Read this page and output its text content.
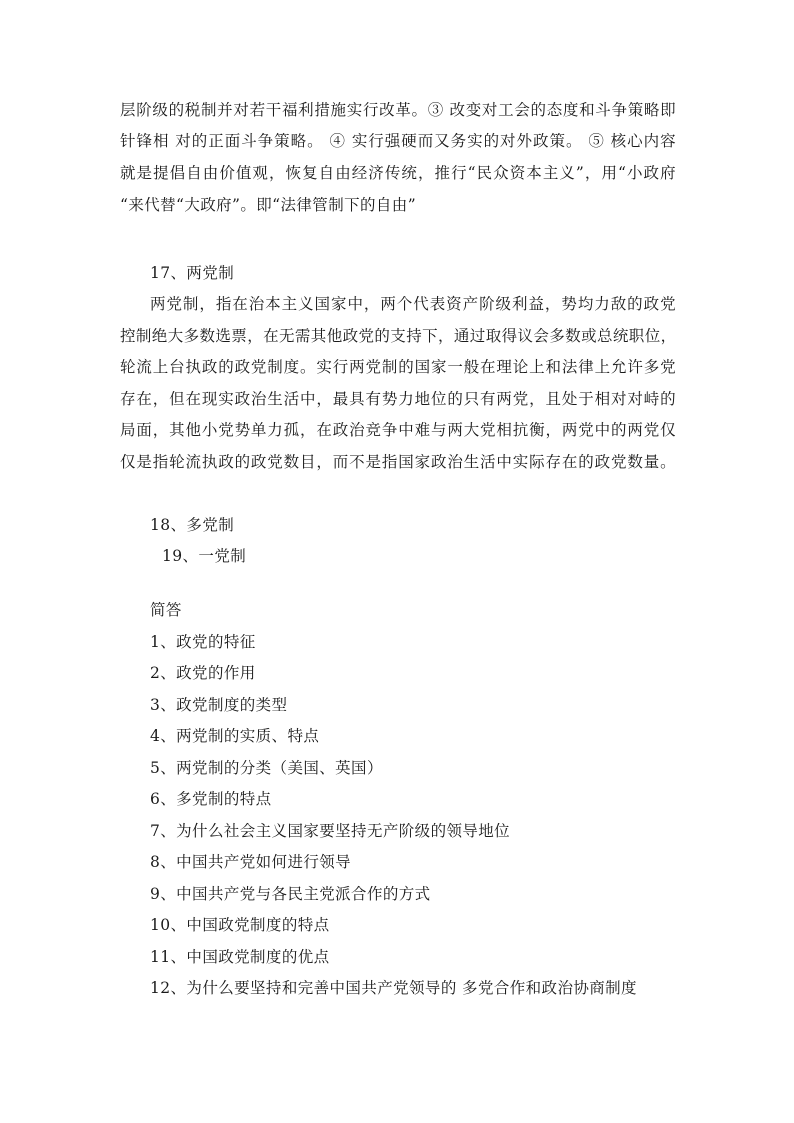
层阶级的税制并对若干福利措施实行改革。③ 改变对工会的态度和斗争策略即
针锋相 对的正面斗争策略。 ④ 实行强硬而又务实的对外政策。 ⑤ 核心内容
就是提倡自由价值观，恢复自由经济传统，推行“民众资本主义”，用“小政府
“来代替“大政府”。即“法律管制下的自由”
17、两党制
两党制，指在治本主义国家中，两个代表资产阶级利益，势均力敌的政党
控制绝大多数选票，在无需其他政党的支持下，通过取得议会多数或总统职位，
轮流上台执政的政党制度。实行两党制的国家一般在理论上和法律上允许多党
存在，但在现实政治生活中，最具有势力地位的只有两党，且处于相对对峙的
局面，其他小党势单力孤，在政治竞争中难与两大党相抗衡，两党中的两党仅
仅是指轮流执政的政党数目，而不是指国家政治生活中实际存在的政党数量。
18、多党制
19、一党制
简答
1、政党的特征
2、政党的作用
3、政党制度的类型
4、两党制的实质、特点
5、两党制的分类（美国、英国）
6、多党制的特点
7、为什么社会主义国家要坚持无产阶级的领导地位
8、中国共产党如何进行领导
9、中国共产党与各民主党派合作的方式
10、中国政党制度的特点
11、中国政党制度的优点
12、为什么要坚持和完善中国共产党领导的 多党合作和政治协商制度
